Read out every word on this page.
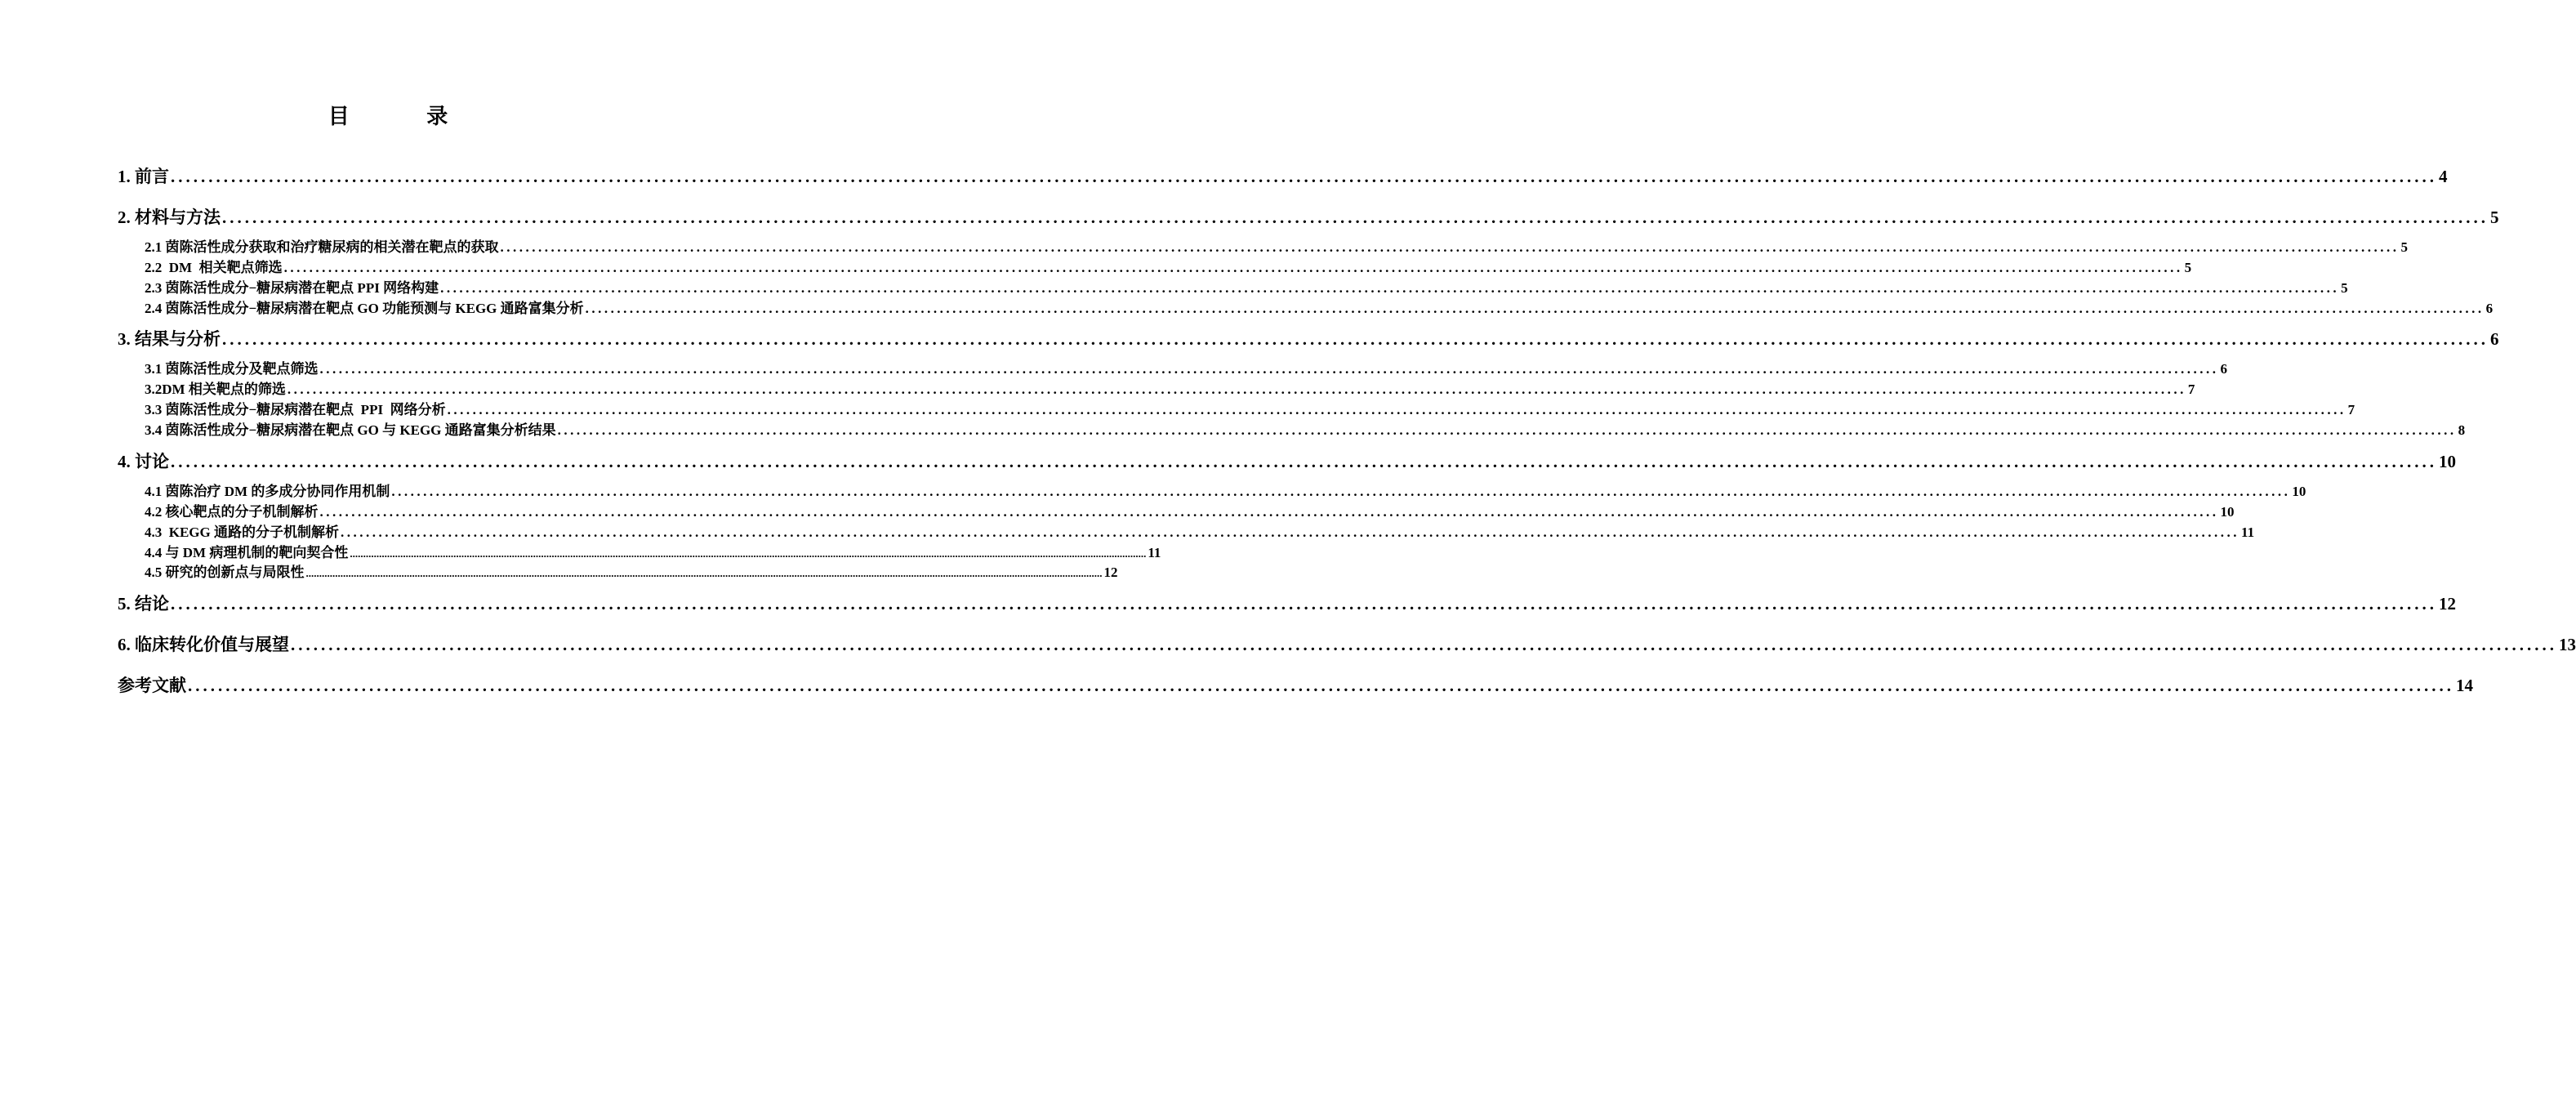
目 录
1. 前言 ............................................................................................................................................................................................................................................................................................................ 4
2. 材料与方法 ............................................................................................................................................................................................................................................................................................................ 5
2.1 茵陈活性成分获取和治疗糖尿病的相关潜在靶点的获取 ............................................................................................................................................................................................................................................................................................................ 5
2.2  DM  相关靶点筛选 ............................................................................................................................................................................................................................................................................................................ 5
2.3 茵陈活性成分−糖尿病潜在靶点 PPI 网络构建 ............................................................................................................................................................................................................................................................................................................ 5
2.4 茵陈活性成分−糖尿病潜在靶点 GO 功能预测与 KEGG 通路富集分析 ............................................................................................................................................................................................................................................................................................................ 6
3. 结果与分析 ............................................................................................................................................................................................................................................................................................................ 6
3.1 茵陈活性成分及靶点筛选 ............................................................................................................................................................................................................................................................................................................ 6
3.2DM 相关靶点的筛选 ............................................................................................................................................................................................................................................................................................................ 7
3.3 茵陈活性成分−糖尿病潜在靶点  PPI  网络分析 ............................................................................................................................................................................................................................................................................................................ 7
3.4 茵陈活性成分−糖尿病潜在靶点 GO 与 KEGG 通路富集分析结果 ............................................................................................................................................................................................................................................................................................................ 8
4. 讨论 ............................................................................................................................................................................................................................................................................................................ 10
4.1 茵陈治疗 DM 的多成分协同作用机制 ............................................................................................................................................................................................................................................................................................................ 10
4.2 核心靶点的分子机制解析 ............................................................................................................................................................................................................................................................................................................ 10
4.3  KEGG 通路的分子机制解析 ............................................................................................................................................................................................................................................................................................................ 11
4.4 与 DM 病理机制的靶向契合性 ............................................................................................................................................................................................................................................................................................................ 11
4.5 研究的创新点与局限性 ............................................................................................................................................................................................................................................................................................................ 12
5. 结论 ............................................................................................................................................................................................................................................................................................................ 12
6. 临床转化价值与展望 ............................................................................................................................................................................................................................................................................................................ 13
参考文献 ............................................................................................................................................................................................................................................................................................................ 14
